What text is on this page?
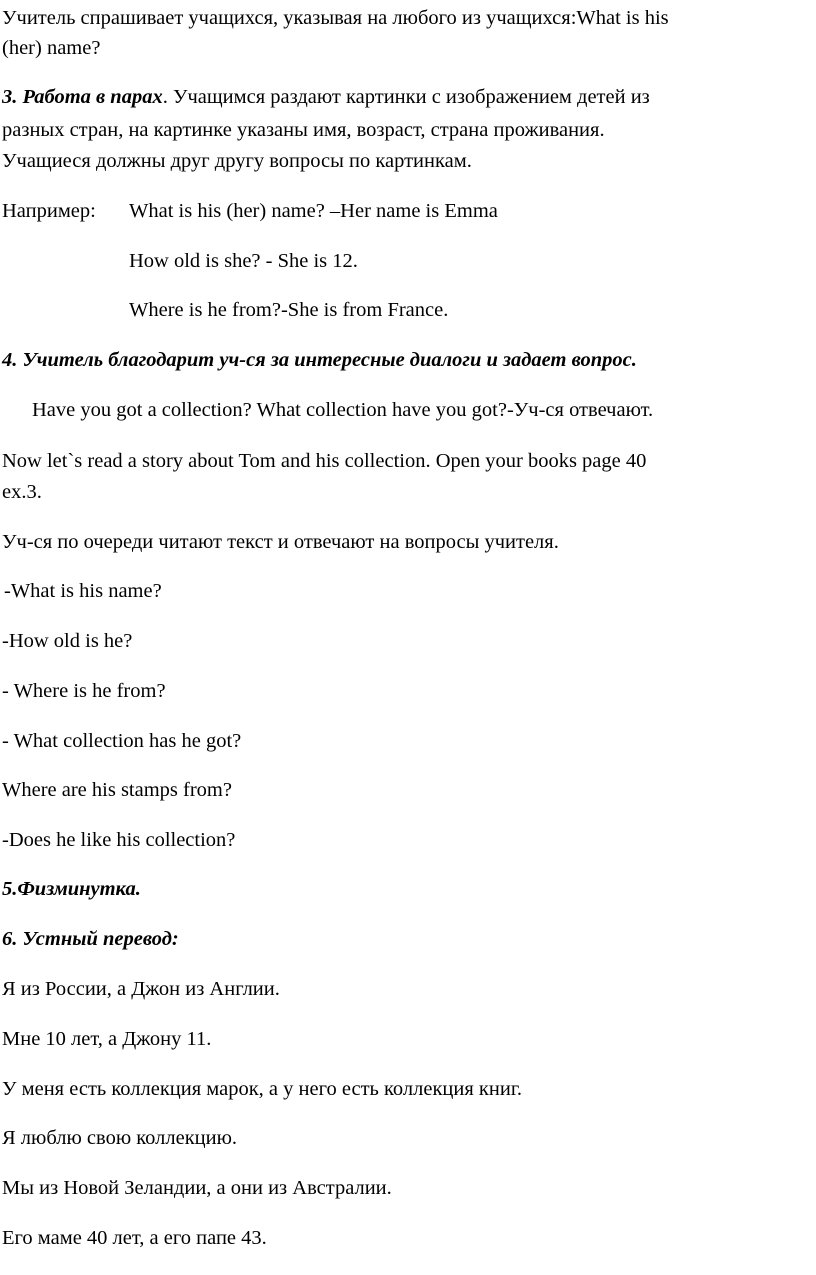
Учитель спрашивает учащихся, указывая на любого из учащихся:What is his
(her) name?
3. Работа в парах. Учащимся раздают картинки с изображением детей из
разных стран, на картинке указаны имя, возраст, страна проживания.
Учащиеся должны друг другу вопросы по картинкам.
Например:	What is his (her) name? –Her name is Emma
How old is she? - She is 12.
Where is he from?-She is from France.
4. Учитель благодарит уч-ся за интересные диалоги и задает вопрос.
Have you got a collection? What collection have you got?-Уч-ся отвечают.
Now let`s read a story about Tom and his collection. Open your books page 40
ex.3.
Уч-ся по очереди читают текст и отвечают на вопросы учителя.
-What is his name?
-How old is he?
- Where is he from?
- What collection has he got?
Where are his stamps from?
-Does he like his collection?
5.Физминутка.
6. Устный перевод:
Я из России, а Джон из Англии.
Мне 10 лет, а Джону 11.
У меня есть коллекция марок, а у него есть коллекция книг.
Я люблю свою коллекцию.
Мы из Новой Зеландии, а они из Австралии.
Его маме 40 лет, а его папе 43.
